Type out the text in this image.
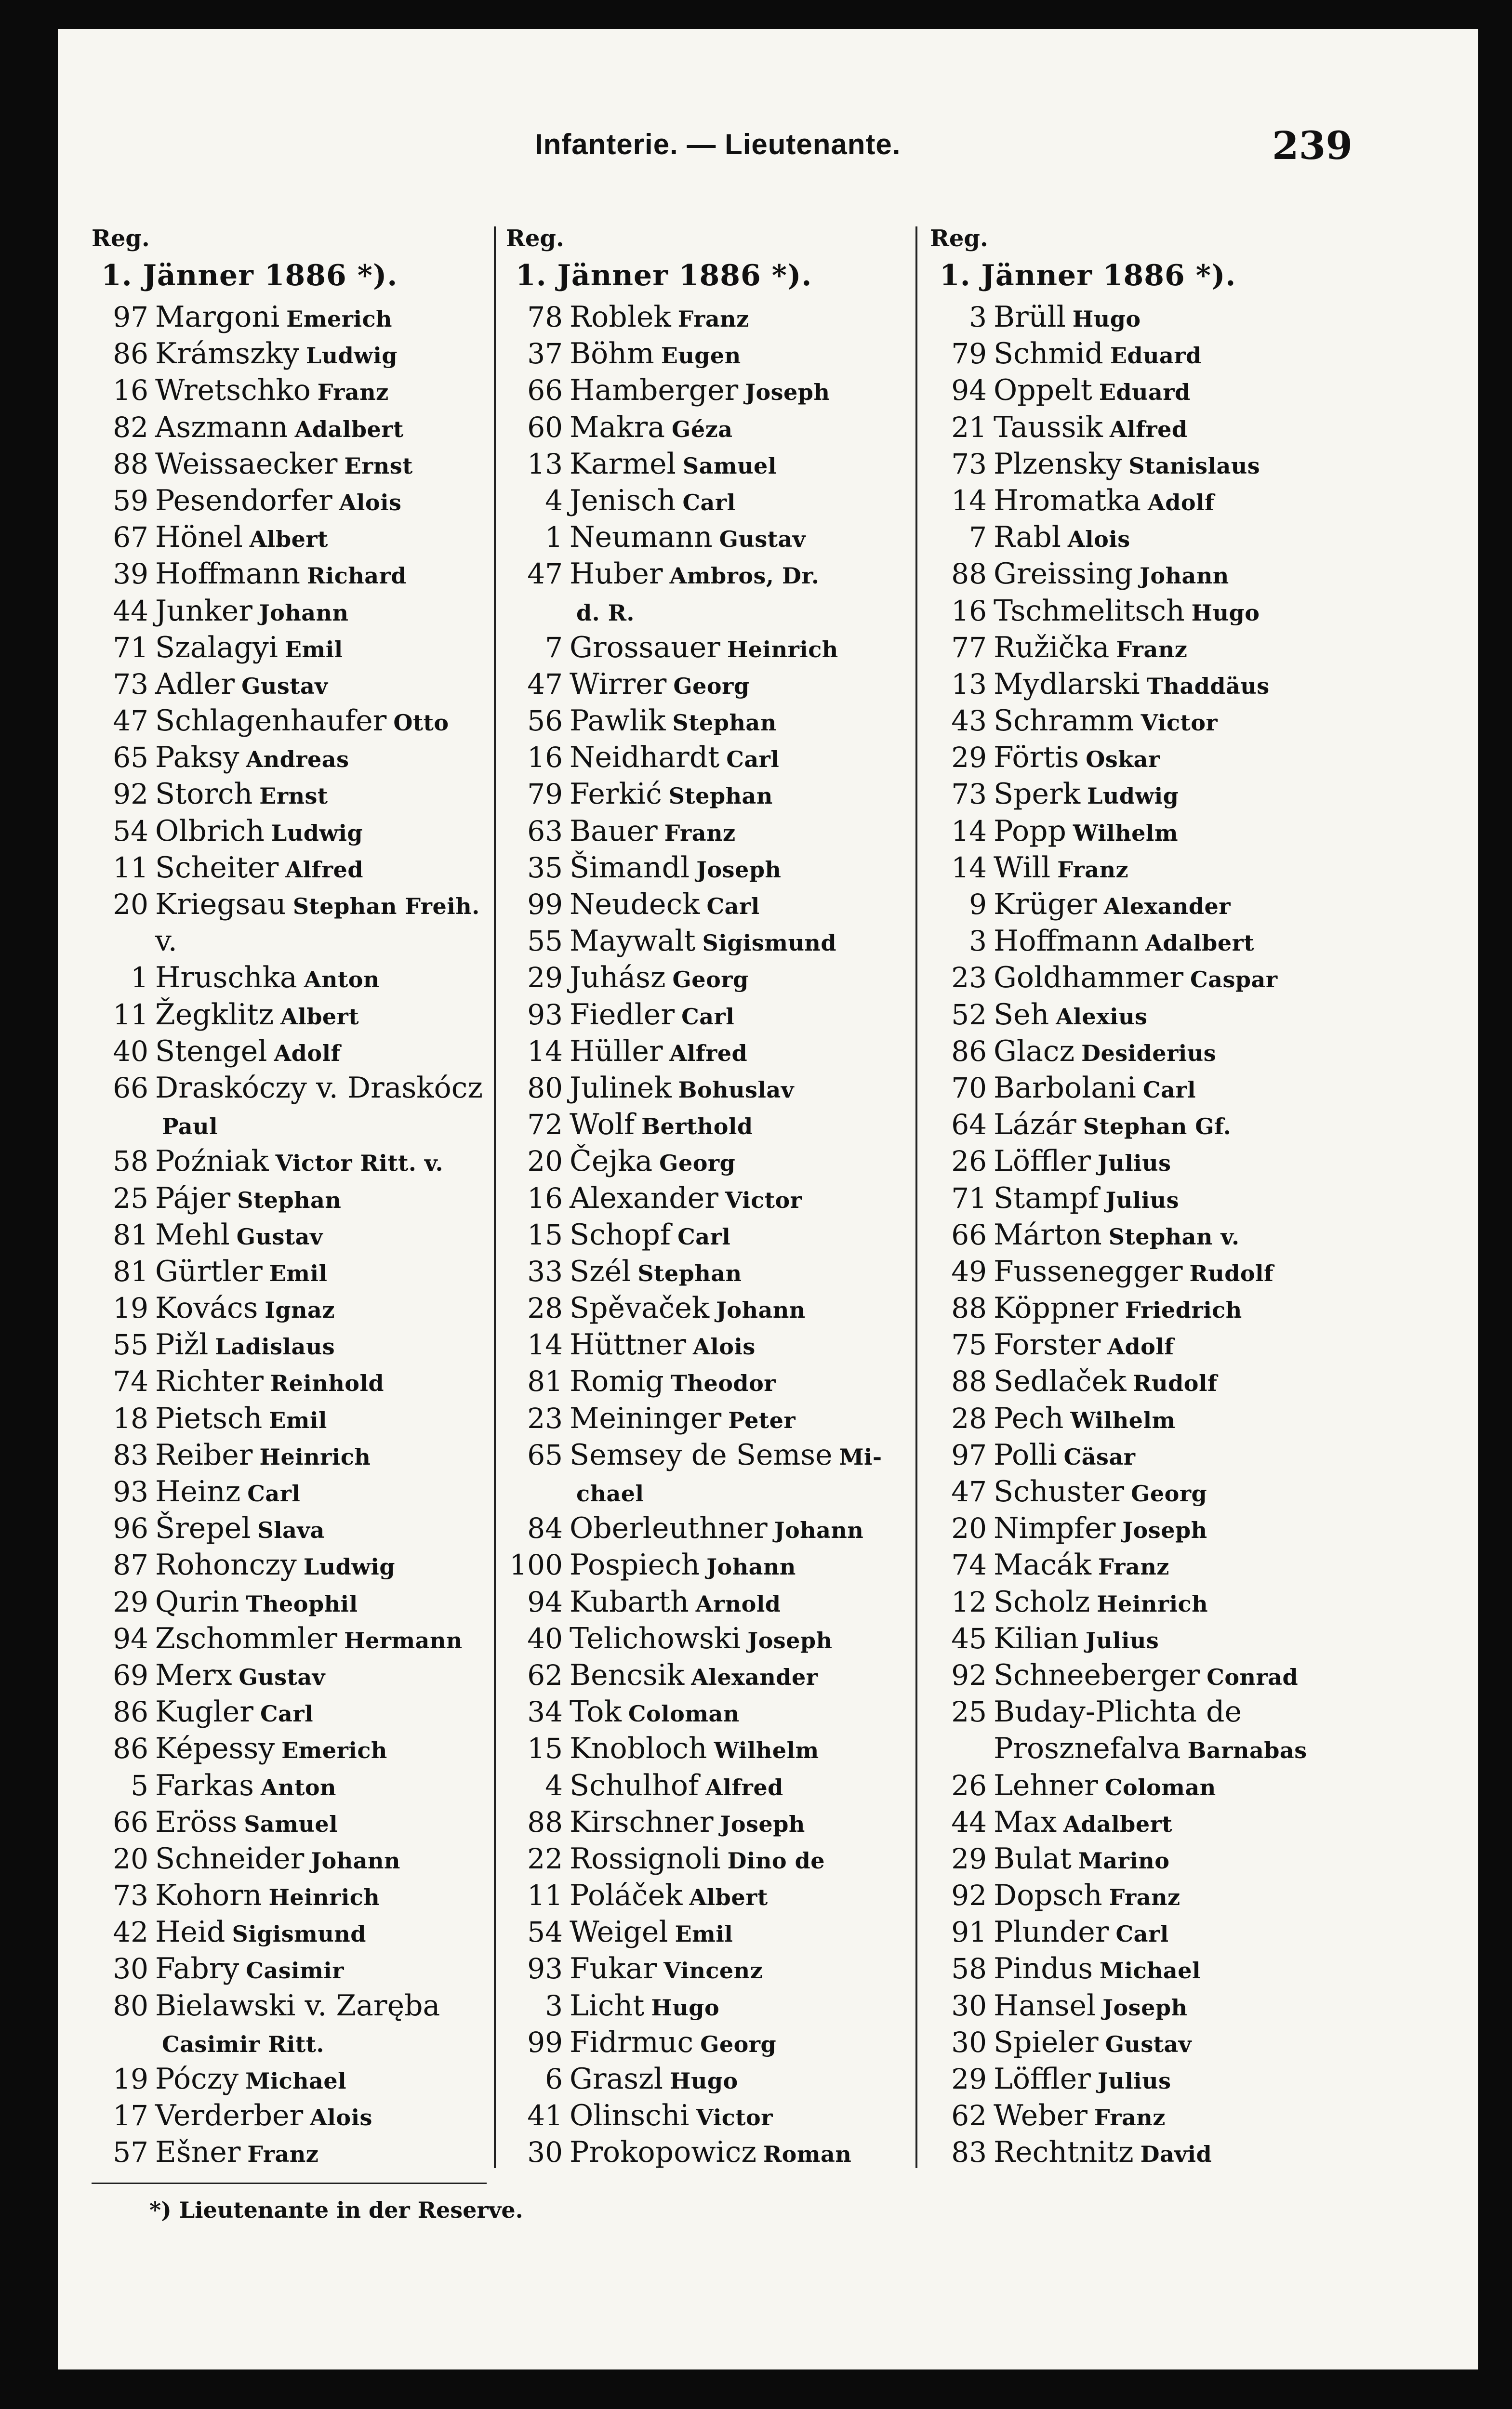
Infanterie. — Lieutenante.	239
Reg.
1. Jänner 1886 *).
97 Margoni Emerich
86 Krámszky Ludwig
16 Wretschko Franz
82 Aszmann Adalbert
88 Weissaecker Ernst
59 Pesendorfer Alois
67 Hönel Albert
39 Hoffmann Richard
44 Junker Johann
71 Szalagyi Emil
73 Adler Gustav
47 Schlagenhaufer Otto
65 Paksy Andreas
92 Storch Ernst
54 Olbrich Ludwig
11 Scheiter Alfred
20 Kriegsau Stephan Freih.
v.
1 Hruschka Anton
11 Žegklitz Albert
40 Stengel Adolf
66 Draskóczy v. Draskócz
Paul
58 Poźniak Victor Ritt. v.
25 Pájer Stephan
81 Mehl Gustav
81 Gürtler Emil
19 Kovács Ignaz
55 Pižl Ladislaus
74 Richter Reinhold
18 Pietsch Emil
83 Reiber Heinrich
93 Heinz Carl
96 Šrepel Slava
87 Rohonczy Ludwig
29 Qurin Theophil
94 Zschommler Hermann
69 Merx Gustav
86 Kugler Carl
86 Képessy Emerich
5 Farkas Anton
66 Eröss Samuel
20 Schneider Johann
73 Kohorn Heinrich
42 Heid Sigismund
30 Fabry Casimir
80 Bielawski v. Zaręba
Casimir Ritt.
19 Póczy Michael
17 Verderber Alois
57 Ešner Franz
Reg.
1. Jänner 1886 *).
78 Roblek Franz
37 Böhm Eugen
66 Hamberger Joseph
60 Makra Géza
13 Karmel Samuel
4 Jenisch Carl
1 Neumann Gustav
47 Huber Ambros, Dr.
d. R.
7 Grossauer Heinrich
47 Wirrer Georg
56 Pawlik Stephan
16 Neidhardt Carl
79 Ferkić Stephan
63 Bauer Franz
35 Šimandl Joseph
99 Neudeck Carl
55 Maywalt Sigismund
29 Juhász Georg
93 Fiedler Carl
14 Hüller Alfred
80 Julinek Bohuslav
72 Wolf Berthold
20 Čejka Georg
16 Alexander Victor
15 Schopf Carl
33 Szél Stephan
28 Spěvaček Johann
14 Hüttner Alois
81 Romig Theodor
23 Meininger Peter
65 Semsey de Semse Mi-
chael
84 Oberleuthner Johann
100 Pospiech Johann
94 Kubarth Arnold
40 Telichowski Joseph
62 Bencsik Alexander
34 Tok Coloman
15 Knobloch Wilhelm
4 Schulhof Alfred
88 Kirschner Joseph
22 Rossignoli Dino de
11 Poláček Albert
54 Weigel Emil
93 Fukar Vincenz
3 Licht Hugo
99 Fidrmuc Georg
6 Graszl Hugo
41 Olinschi Victor
30 Prokopowicz Roman
Reg.
1. Jänner 1886 *).
3 Brüll Hugo
79 Schmid Eduard
94 Oppelt Eduard
21 Taussik Alfred
73 Plzensky Stanislaus
14 Hromatka Adolf
7 Rabl Alois
88 Greissing Johann
16 Tschmelitsch Hugo
77 Ružička Franz
13 Mydlarski Thaddäus
43 Schramm Victor
29 Förtis Oskar
73 Sperk Ludwig
14 Popp Wilhelm
14 Will Franz
9 Krüger Alexander
3 Hoffmann Adalbert
23 Goldhammer Caspar
52 Seh Alexius
86 Glacz Desiderius
70 Barbolani Carl
64 Lázár Stephan Gf.
26 Löffler Julius
71 Stampf Julius
66 Márton Stephan v.
49 Fussenegger Rudolf
88 Köppner Friedrich
75 Forster Adolf
88 Sedlaček Rudolf
28 Pech Wilhelm
97 Polli Cäsar
47 Schuster Georg
20 Nimpfer Joseph
74 Macák Franz
12 Scholz Heinrich
45 Kilian Julius
92 Schneeberger Conrad
25 Buday-Plichta de
Prosznefalva Barnabas
26 Lehner Coloman
44 Max Adalbert
29 Bulat Marino
92 Dopsch Franz
91 Plunder Carl
58 Pindus Michael
30 Hansel Joseph
30 Spieler Gustav
29 Löffler Julius
62 Weber Franz
83 Rechtnitz David
*) Lieutenante in der Reserve.
